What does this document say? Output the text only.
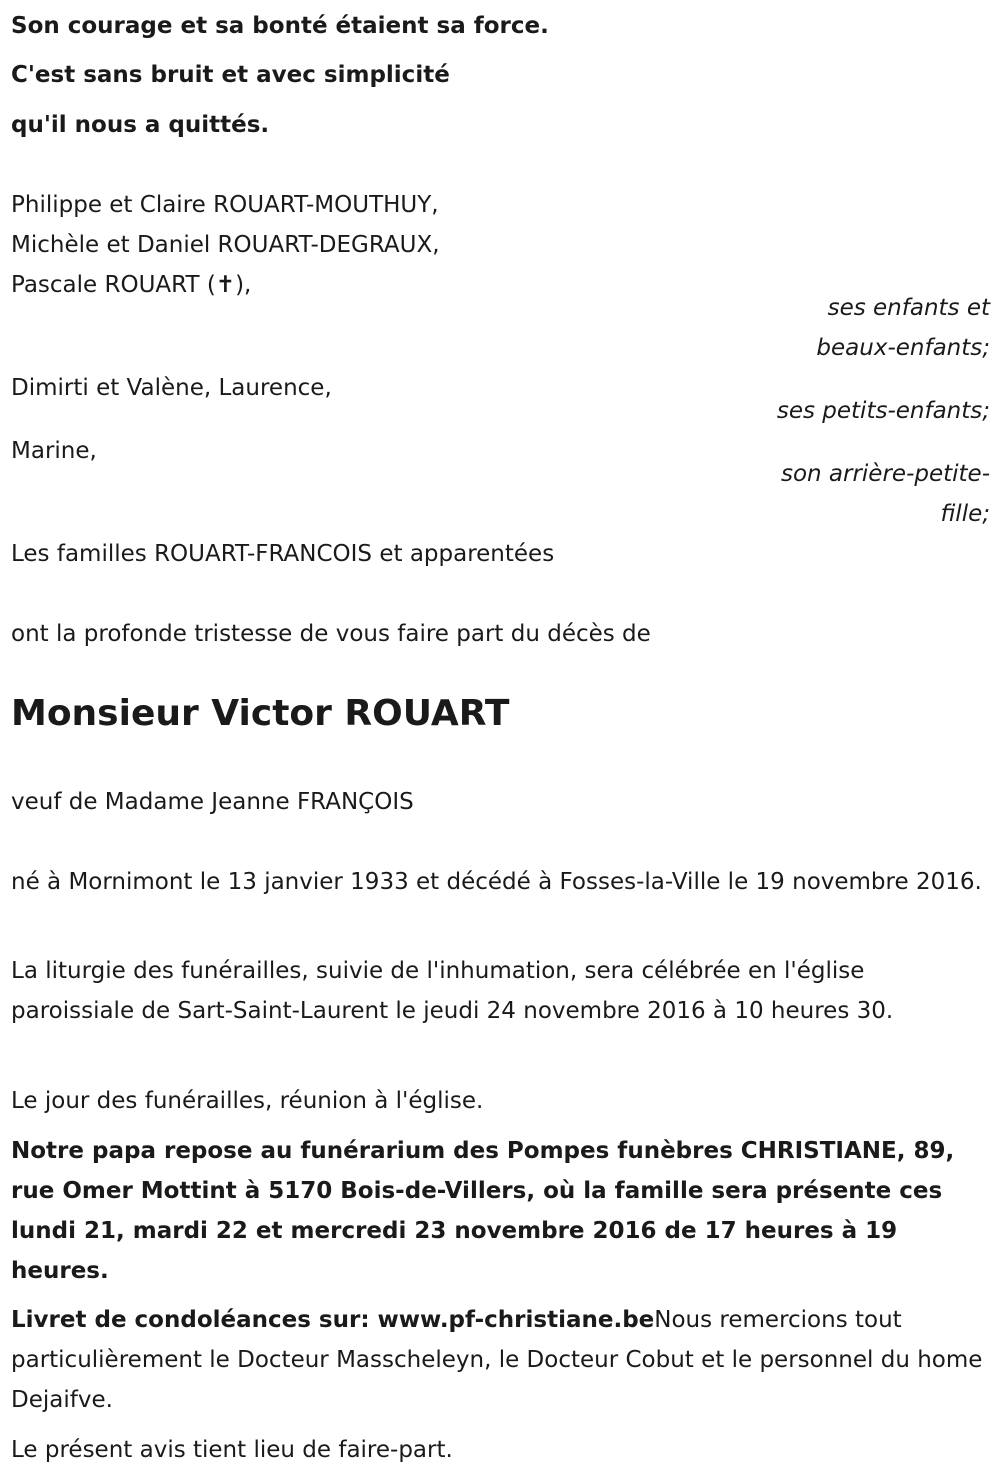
Son courage et sa bonté étaient sa force.
C'est sans bruit et avec simplicité
qu'il nous a quittés.
Philippe et Claire ROUART-MOUTHUY,
Michèle et Daniel ROUART-DEGRAUX,
Pascale ROUART (✝),
ses enfants et
beaux-enfants;
Dimirti et Valène, Laurence,
ses petits-enfants;
Marine,
son arrière-petite-
fille;
Les familles ROUART-FRANCOIS et apparentées
ont la profonde tristesse de vous faire part du décès de
Monsieur Victor ROUART
veuf de Madame Jeanne FRANÇOIS
né à Mornimont le 13 janvier 1933 et décédé à Fosses-la-Ville le 19 novembre 2016.
La liturgie des funérailles, suivie de l'inhumation, sera célébrée en l'église paroissiale de Sart-Saint-Laurent le jeudi 24 novembre 2016 à 10 heures 30.
Le jour des funérailles, réunion à l'église.
Notre papa repose au funérarium des Pompes funèbres CHRISTIANE, 89, rue Omer Mottint à 5170 Bois-de-Villers, où la famille sera présente ces lundi 21, mardi 22 et mercredi 23 novembre 2016 de 17 heures à 19 heures.
Livret de condoléances sur: www.pf-christiane.beNous remercions tout particulièrement le Docteur Masscheleyn, le Docteur Cobut et le personnel du home Dejaifve.
Le présent avis tient lieu de faire-part.
